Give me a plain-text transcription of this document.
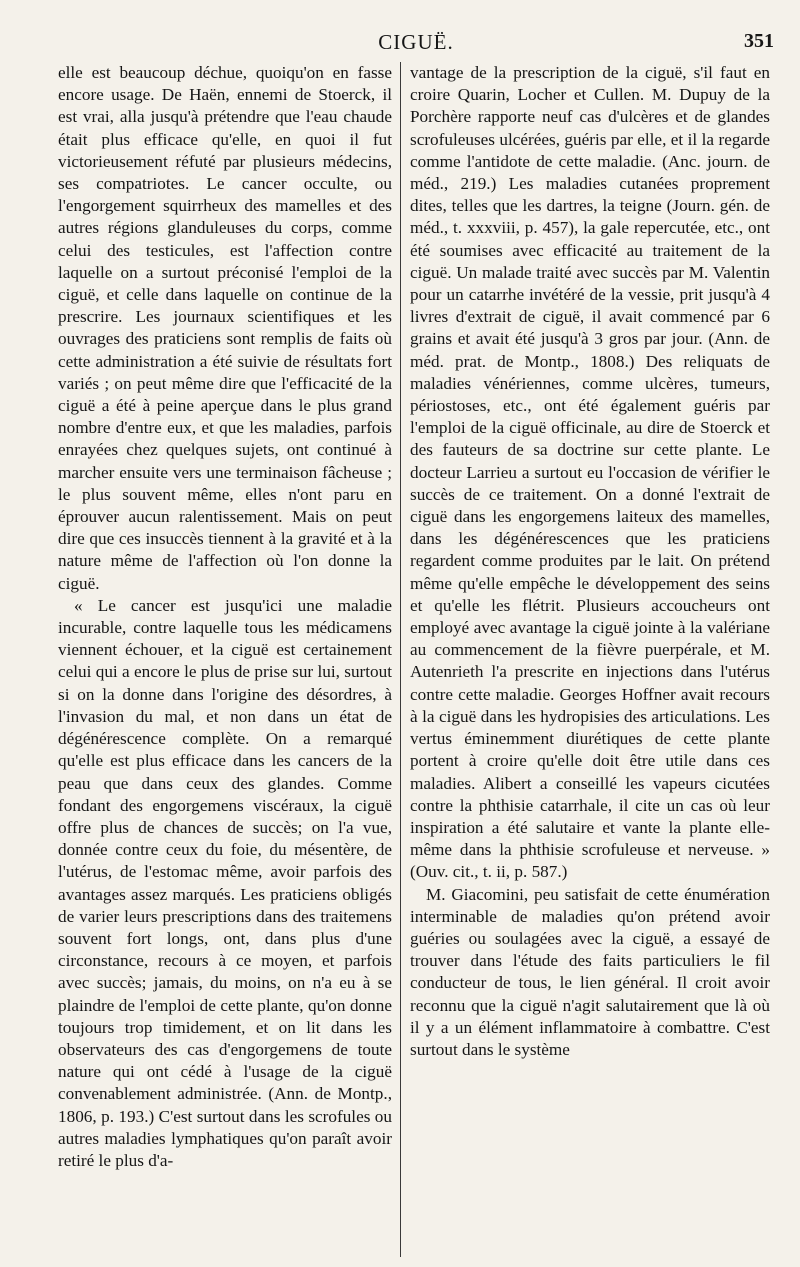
CIGUË.	351

elle est beaucoup déchue, quoiqu'on en fasse encore usage. De Haën, ennemi de Stoerck, il est vrai, alla jusqu'à prétendre que l'eau chaude était plus efficace qu'elle, en quoi il fut victorieusement réfuté par plusieurs médecins, ses compatriotes. Le cancer occulte, ou l'engorgement squirrheux des mamelles et des autres régions glanduleuses du corps, comme celui des testicules, est l'affection contre laquelle on a surtout préconisé l'emploi de la ciguë, et celle dans laquelle on continue de la prescrire. Les journaux scientifiques et les ouvrages des praticiens sont remplis de faits où cette administration a été suivie de résultats fort variés ; on peut même dire que l'efficacité de la ciguë a été à peine aperçue dans le plus grand nombre d'entre eux, et que les maladies, parfois enrayées chez quelques sujets, ont continué à marcher ensuite vers une terminaison fâcheuse ; le plus souvent même, elles n'ont paru en éprouver aucun ralentissement. Mais on peut dire que ces insuccès tiennent à la gravité et à la nature même de l'affection où l'on donne la ciguë.

« Le cancer est jusqu'ici une maladie incurable, contre laquelle tous les médicamens viennent échouer, et la ciguë est certainement celui qui a encore le plus de prise sur lui, surtout si on la donne dans l'origine des désordres, à l'invasion du mal, et non dans un état de dégénérescence complète. On a remarqué qu'elle est plus efficace dans les cancers de la peau que dans ceux des glandes. Comme fondant des engorgemens viscéraux, la ciguë offre plus de chances de succès; on l'a vue, donnée contre ceux du foie, du mésentère, de l'utérus, de l'estomac même, avoir parfois des avantages assez marqués. Les praticiens obligés de varier leurs prescriptions dans des traitemens souvent fort longs, ont, dans plus d'une circonstance, recours à ce moyen, et parfois avec succès; jamais, du moins, on n'a eu à se plaindre de l'emploi de cette plante, qu'on donne toujours trop timidement, et on lit dans les observateurs des cas d'engorgemens de toute nature qui ont cédé à l'usage de la ciguë convenablement administrée. (Ann. de Montp., 1806, p. 193.) C'est surtout dans les scrofules ou autres maladies lymphatiques qu'on paraît avoir retiré le plus d'a-

vantage de la prescription de la ciguë, s'il faut en croire Quarin, Locher et Cullen. M. Dupuy de la Porchère rapporte neuf cas d'ulcères et de glandes scrofuleuses ulcérées, guéris par elle, et il la regarde comme l'antidote de cette maladie. (Anc. journ. de méd., 219.) Les maladies cutanées proprement dites, telles que les dartres, la teigne (Journ. gén. de méd., t. xxxviii, p. 457), la gale repercutée, etc., ont été soumises avec efficacité au traitement de la ciguë. Un malade traité avec succès par M. Valentin pour un catarrhe invétéré de la vessie, prit jusqu'à 4 livres d'extrait de ciguë, il avait commencé par 6 grains et avait été jusqu'à 3 gros par jour. (Ann. de méd. prat. de Montp., 1808.) Des reliquats de maladies vénériennes, comme ulcères, tumeurs, périostoses, etc., ont été également guéris par l'emploi de la ciguë officinale, au dire de Stoerck et des fauteurs de sa doctrine sur cette plante. Le docteur Larrieu a surtout eu l'occasion de vérifier le succès de ce traitement. On a donné l'extrait de ciguë dans les engorgemens laiteux des mamelles, dans les dégénérescences que les praticiens regardent comme produites par le lait. On prétend même qu'elle empêche le développement des seins et qu'elle les flétrit. Plusieurs accoucheurs ont employé avec avantage la ciguë jointe à la valériane au commencement de la fièvre puerpérale, et M. Autenrieth l'a prescrite en injections dans l'utérus contre cette maladie. Georges Hoffner avait recours à la ciguë dans les hydropisies des articulations. Les vertus éminemment diurétiques de cette plante portent à croire qu'elle doit être utile dans ces maladies. Alibert a conseillé les vapeurs cicutées contre la phthisie catarrhale, il cite un cas où leur inspiration a été salutaire et vante la plante elle-même dans la phthisie scrofuleuse et nerveuse. » (Ouv. cit., t. ii, p. 587.)

M. Giacomini, peu satisfait de cette énumération interminable de maladies qu'on prétend avoir guéries ou soulagées avec la ciguë, a essayé de trouver dans l'étude des faits particuliers le fil conducteur de tous, le lien général. Il croit avoir reconnu que la ciguë n'agit salutairement que là où il y a un élément inflammatoire à combattre. C'est surtout dans le système
